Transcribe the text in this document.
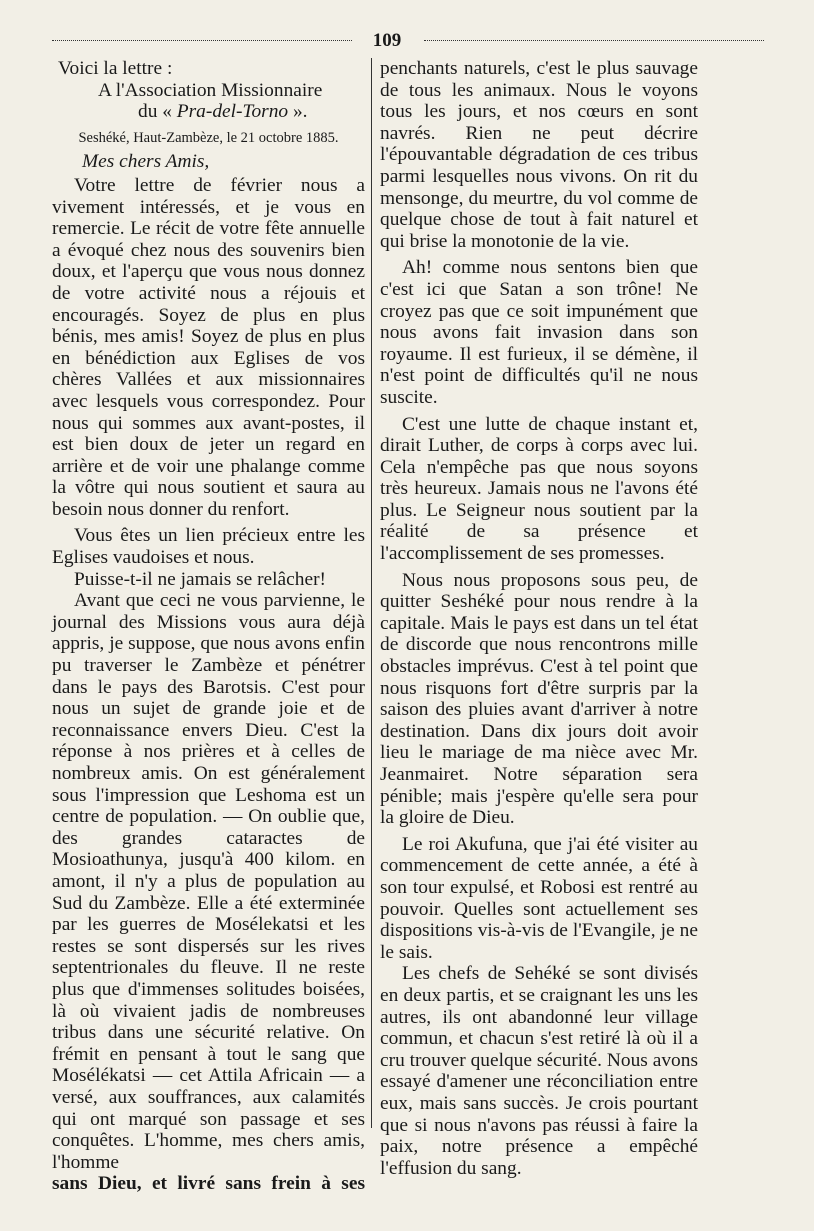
109

Voici la lettre :

A l'Association Missionnaire

du « Pra-del-Torno ».

Seshéké, Haut-Zambèze, le 21 octobre 1885.

Mes chers Amis,

Votre lettre de février nous a vivement intéressés, et je vous en remercie. Le récit de votre fête annuelle a évoqué chez nous des souvenirs bien doux, et l'aperçu que vous nous donnez de votre activité nous a réjouis et encouragés. Soyez de plus en plus bénis, mes amis! Soyez de plus en plus en bénédiction aux Eglises de vos chères Vallées et aux missionnaires avec lesquels vous correspondez. Pour nous qui sommes aux avant-postes, il est bien doux de jeter un regard en arrière et de voir une phalange comme la vôtre qui nous soutient et saura au besoin nous donner du renfort.

Vous êtes un lien précieux entre les Eglises vaudoises et nous.

Puisse-t-il ne jamais se relâcher!

Avant que ceci ne vous parvienne, le journal des Missions vous aura déjà appris, je suppose, que nous avons enfin pu traverser le Zambèze et pénétrer dans le pays des Barotsis. C'est pour nous un sujet de grande joie et de reconnaissance envers Dieu. C'est la réponse à nos prières et à celles de nombreux amis. On est généralement sous l'impression que Leshoma est un centre de population. — On oublie que, des grandes cataractes de Mosioathunya, jusqu'à 400 kilom. en amont, il n'y a plus de population au Sud du Zambèze. Elle a été exterminée par les guerres de Mosélekatsi et les restes se sont dispersés sur les rives septentrionales du fleuve. Il ne reste plus que d'immenses solitudes boisées, là où vivaient jadis de nombreuses tribus dans une sécurité relative. On frémit en pensant à tout le sang que Mosélékatsi — cet Attila Africain — a versé, aux souffrances, aux calamités qui ont marqué son passage et ses conquêtes. L'homme, mes chers amis, l'homme

sans Dieu, et livré sans frein à ses

penchants naturels, c'est le plus sauvage de tous les animaux. Nous le voyons tous les jours, et nos cœurs en sont navrés. Rien ne peut décrire l'épouvantable dégradation de ces tribus parmi lesquelles nous vivons. On rit du mensonge, du meurtre, du vol comme de quelque chose de tout à fait naturel et qui brise la monotonie de la vie.

Ah! comme nous sentons bien que c'est ici que Satan a son trône! Ne croyez pas que ce soit impunément que nous avons fait invasion dans son royaume. Il est furieux, il se démène, il n'est point de difficultés qu'il ne nous suscite.

C'est une lutte de chaque instant et, dirait Luther, de corps à corps avec lui. Cela n'empêche pas que nous soyons très heureux. Jamais nous ne l'avons été plus. Le Seigneur nous soutient par la réalité de sa présence et l'accomplissement de ses promesses.

Nous nous proposons sous peu, de quitter Seshéké pour nous rendre à la capitale. Mais le pays est dans un tel état de discorde que nous rencontrons mille obstacles imprévus. C'est à tel point que nous risquons fort d'être surpris par la saison des pluies avant d'arriver à notre destination. Dans dix jours doit avoir lieu le mariage de ma nièce avec Mr. Jeanmairet. Notre séparation sera pénible; mais j'espère qu'elle sera pour la gloire de Dieu.

Le roi Akufuna, que j'ai été visiter au commencement de cette année, a été à son tour expulsé, et Robosi est rentré au pouvoir. Quelles sont actuellement ses dispositions vis-à-vis de l'Evangile, je ne le sais.

Les chefs de Sehéké se sont divisés en deux partis, et se craignant les uns les autres, ils ont abandonné leur village commun, et chacun s'est retiré là où il a cru trouver quelque sécurité. Nous avons essayé d'amener une réconciliation entre eux, mais sans succès. Je crois pourtant que si nous n'avons pas réussi à faire la paix, notre présence a empêché l'effusion du sang.
